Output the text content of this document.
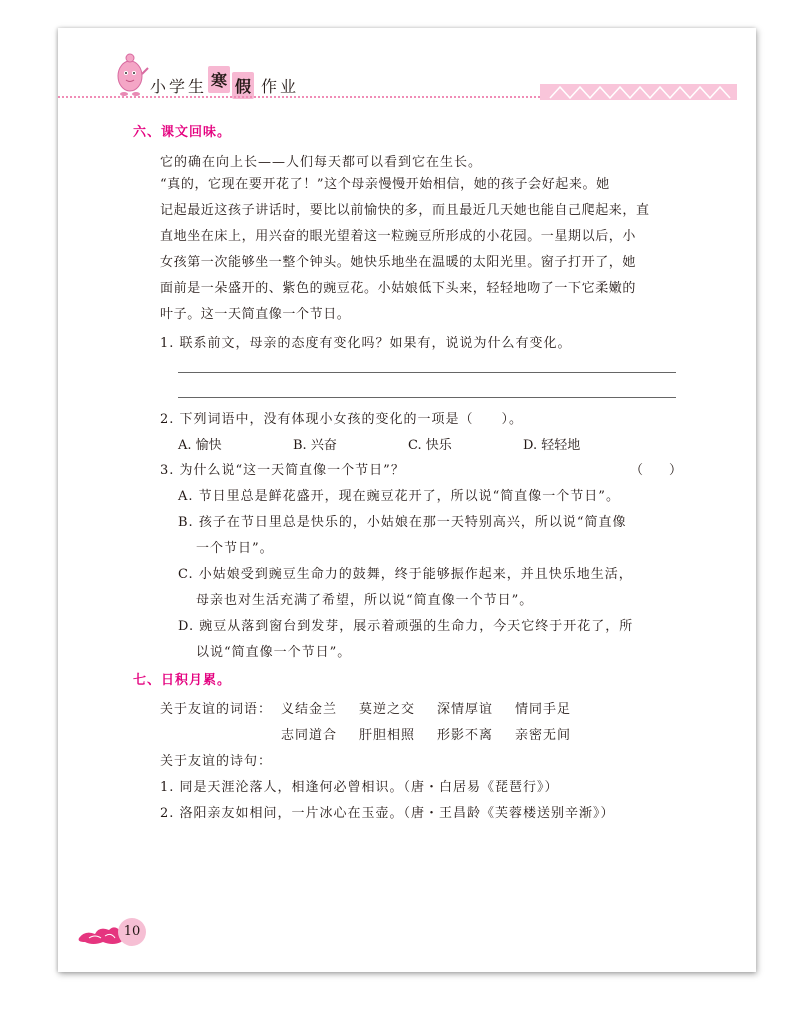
小学生 寒 假 作业
六、课文回味。
它的确在向上长——人们每天都可以看到它在生长。
“真的，它现在要开花了！”这个母亲慢慢开始相信，她的孩子会好起来。她
记起最近这孩子讲话时，要比以前愉快的多，而且最近几天她也能自己爬起来，直
直地坐在床上，用兴奋的眼光望着这一粒豌豆所形成的小花园。一星期以后，小
女孩第一次能够坐一整个钟头。她快乐地坐在温暖的太阳光里。窗子打开了，她
面前是一朵盛开的、紫色的豌豆花。小姑娘低下头来，轻轻地吻了一下它柔嫩的
叶子。这一天简直像一个节日。
1. 联系前文，母亲的态度有变化吗？如果有，说说为什么有变化。
2. 下列词语中，没有体现小女孩的变化的一项是（　　）。
A. 愉快	B. 兴奋	C. 快乐	D. 轻轻地
3. 为什么说“这一天简直像一个节日”？	（　　）
A. 节日里总是鲜花盛开，现在豌豆花开了，所以说“简直像一个节日”。
B. 孩子在节日里总是快乐的，小姑娘在那一天特别高兴，所以说“简直像
一个节日”。
C. 小姑娘受到豌豆生命力的鼓舞，终于能够振作起来，并且快乐地生活，
母亲也对生活充满了希望，所以说“简直像一个节日”。
D. 豌豆从落到窗台到发芽，展示着顽强的生命力，今天它终于开花了，所
以说“简直像一个节日”。
七、日积月累。
关于友谊的词语： 义结金兰 莫逆之交 深情厚谊 情同手足
志同道合 肝胆相照 形影不离 亲密无间
关于友谊的诗句：
1. 同是天涯沦落人，相逢何必曾相识。（唐・白居易《琵琶行》）
2. 洛阳亲友如相问，一片冰心在玉壶。（唐・王昌龄《芙蓉楼送别辛渐》）
10
